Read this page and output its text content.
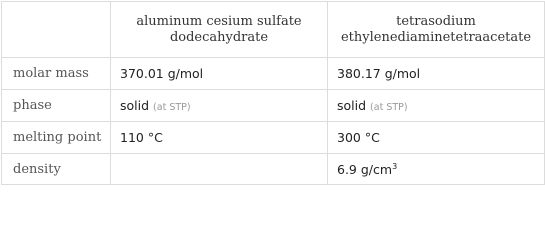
	aluminum cesium sulfate dodecahydrate	tetrasodium ethylenediaminetetraacetate
molar mass	370.01 g/mol	380.17 g/mol
phase	solid (at STP)	solid (at STP)
melting point	110 °C	300 °C
density		6.9 $g/cm^3$
